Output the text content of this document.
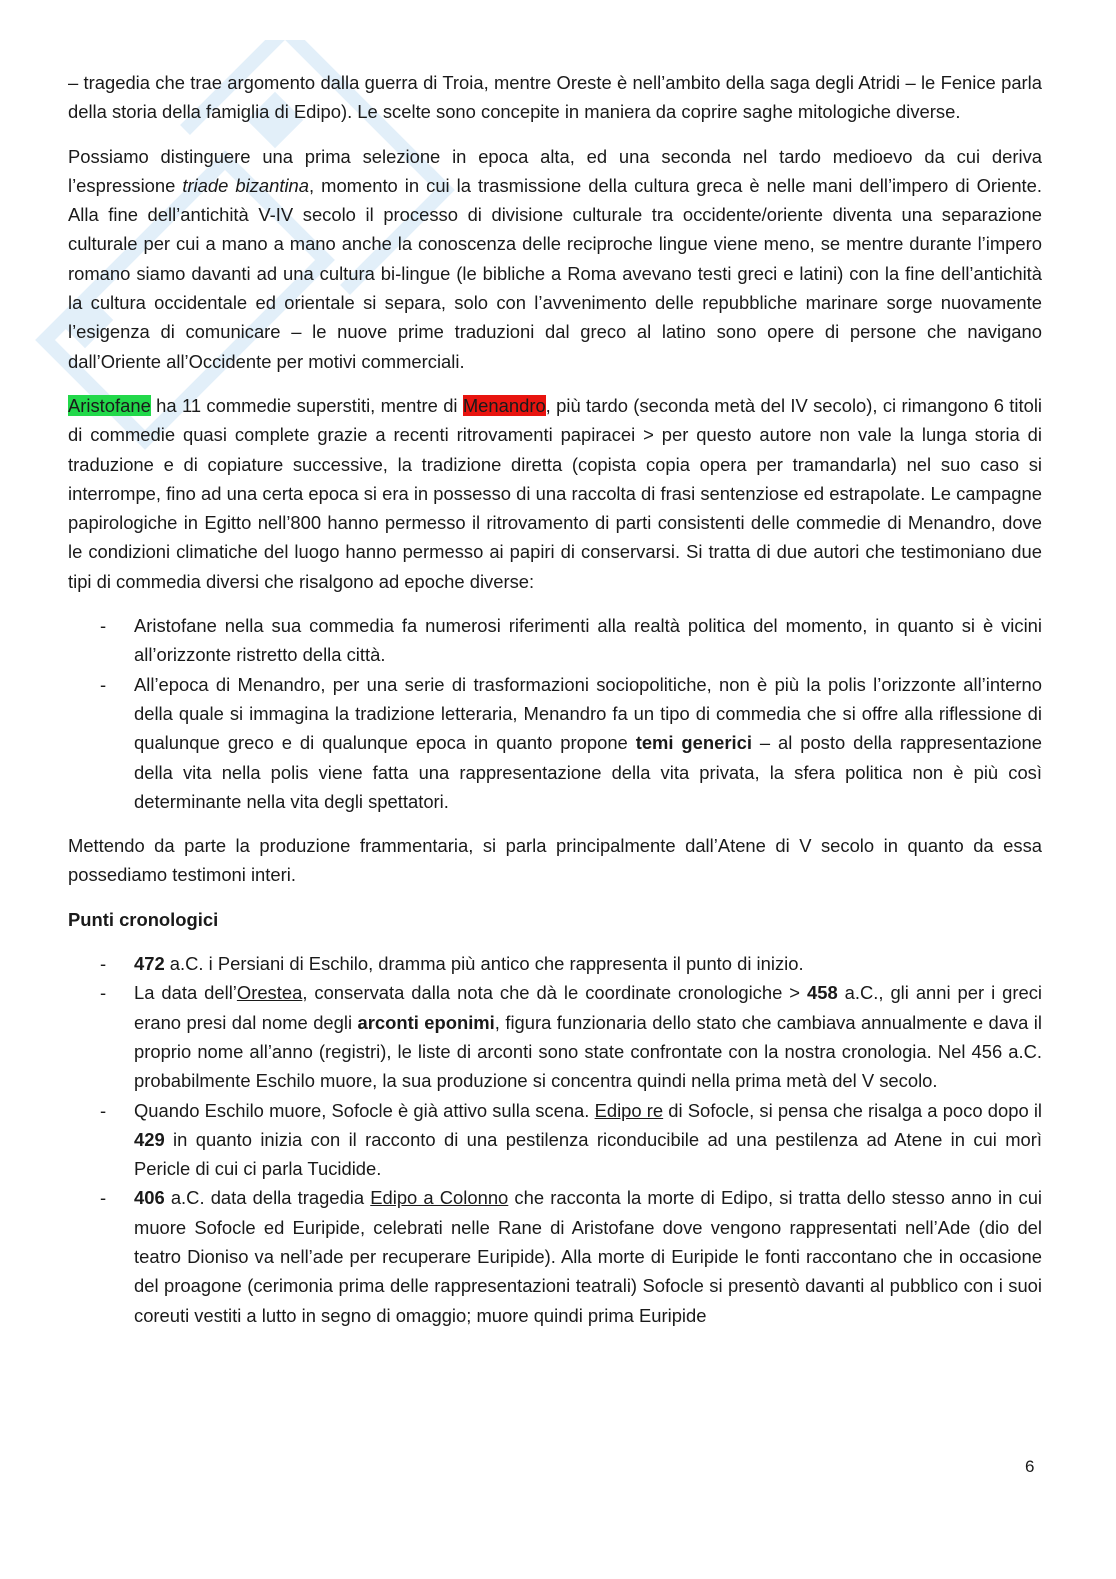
– tragedia che trae argomento dalla guerra di Troia, mentre Oreste è nell’ambito della saga degli Atridi – le Fenice parla della storia della famiglia di Edipo). Le scelte sono concepite in maniera da coprire saghe mitologiche diverse.

Possiamo distinguere una prima selezione in epoca alta, ed una seconda nel tardo medioevo da cui deriva l’espressione triade bizantina, momento in cui la trasmissione della cultura greca è nelle mani dell’impero di Oriente. Alla fine dell’antichità V-IV secolo il processo di divisione culturale tra occidente/oriente diventa una separazione culturale per cui a mano a mano anche la conoscenza delle reciproche lingue viene meno, se mentre durante l’impero romano siamo davanti ad una cultura bi-lingue (le bibliche a Roma avevano testi greci e latini) con la fine dell’antichità la cultura occidentale ed orientale si separa, solo con l’avvenimento delle repubbliche marinare sorge nuovamente l’esigenza di comunicare – le nuove prime traduzioni dal greco al latino sono opere di persone che navigano dall’Oriente all’Occidente per motivi commerciali.

Aristofane ha 11 commedie superstiti, mentre di Menandro, più tardo (seconda metà del IV secolo), ci rimangono 6 titoli di commedie quasi complete grazie a recenti ritrovamenti papiracei > per questo autore non vale la lunga storia di traduzione e di copiature successive, la tradizione diretta (copista copia opera per tramandarla) nel suo caso si interrompe, fino ad una certa epoca si era in possesso di una raccolta di frasi sentenziose ed estrapolate. Le campagne papirologiche in Egitto nell’800 hanno permesso il ritrovamento di parti consistenti delle commedie di Menandro, dove le condizioni climatiche del luogo hanno permesso ai papiri di conservarsi. Si tratta di due autori che testimoniano due tipi di commedia diversi che risalgono ad epoche diverse:

- Aristofane nella sua commedia fa numerosi riferimenti alla realtà politica del momento, in quanto si è vicini all’orizzonte ristretto della città.
- All’epoca di Menandro, per una serie di trasformazioni sociopolitiche, non è più la polis l’orizzonte all’interno della quale si immagina la tradizione letteraria, Menandro fa un tipo di commedia che si offre alla riflessione di qualunque greco e di qualunque epoca in quanto propone temi generici – al posto della rappresentazione della vita nella polis viene fatta una rappresentazione della vita privata, la sfera politica non è più così determinante nella vita degli spettatori.

Mettendo da parte la produzione frammentaria, si parla principalmente dall’Atene di V secolo in quanto da essa possediamo testimoni interi.

Punti cronologici
- 472 a.C. i Persiani di Eschilo, dramma più antico che rappresenta il punto di inizio.
- La data dell’Orestea, conservata dalla nota che dà le coordinate cronologiche > 458 a.C., gli anni per i greci erano presi dal nome degli arconti eponimi, figura funzionaria dello stato che cambiava annualmente e dava il proprio nome all’anno (registri), le liste di arconti sono state confrontate con la nostra cronologia. Nel 456 a.C. probabilmente Eschilo muore, la sua produzione si concentra quindi nella prima metà del V secolo.
- Quando Eschilo muore, Sofocle è già attivo sulla scena. Edipo re di Sofocle, si pensa che risalga a poco dopo il 429 in quanto inizia con il racconto di una pestilenza riconducibile ad una pestilenza ad Atene in cui morì Pericle di cui ci parla Tucidide.
- 406 a.C. data della tragedia Edipo a Colonno che racconta la morte di Edipo, si tratta dello stesso anno in cui muore Sofocle ed Euripide, celebrati nelle Rane di Aristofane dove vengono rappresentati nell’Ade (dio del teatro Dioniso va nell’ade per recuperare Euripide). Alla morte di Euripide le fonti raccontano che in occasione del proagone (cerimonia prima delle rappresentazioni teatrali) Sofocle si presentò davanti al pubblico con i suoi coreuti vestiti a lutto in segno di omaggio; muore quindi prima Euripide
6
